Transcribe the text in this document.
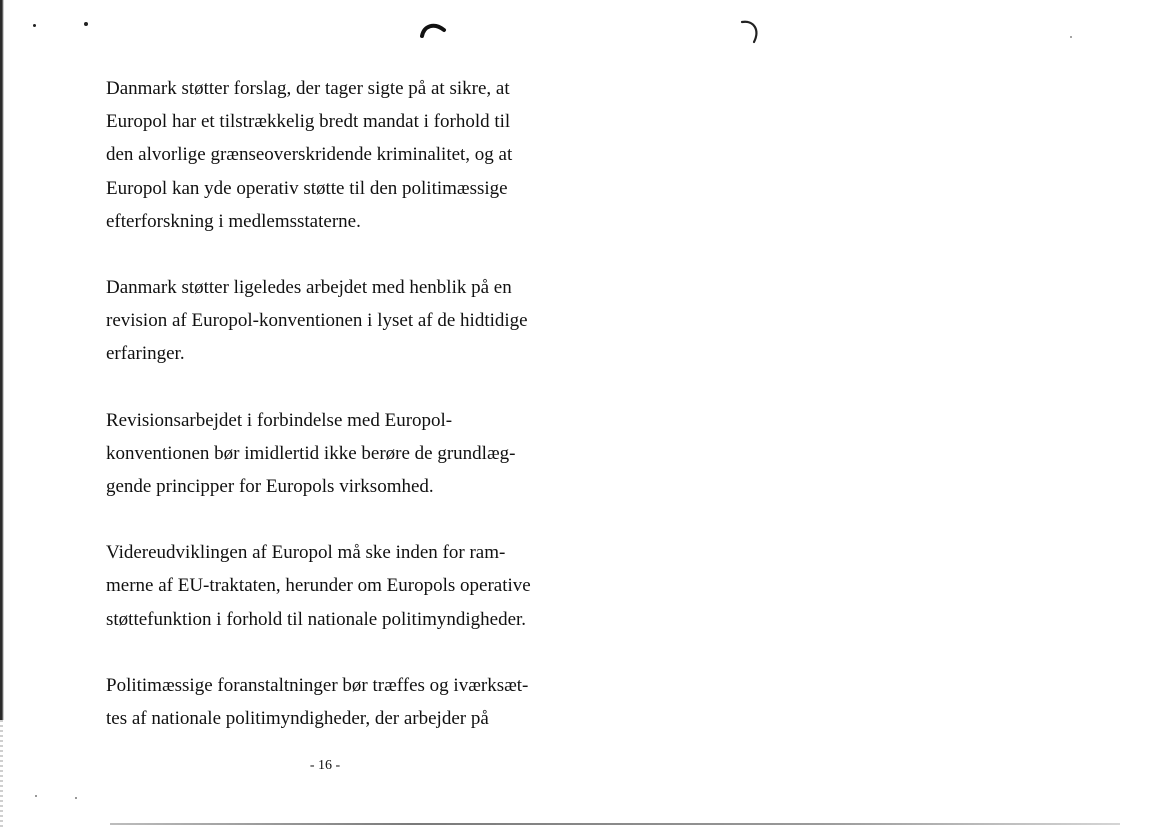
Danmark støtter forslag, der tager sigte på at sikre, at
Europol har et tilstrækkelig bredt mandat i forhold til
den alvorlige grænseoverskridende kriminalitet, og at
Europol kan yde operativ støtte til den politimæssige
efterforskning i medlemsstaterne.

Danmark støtter ligeledes arbejdet med henblik på en
revision af Europol-konventionen i lyset af de hidtidige
erfaringer.

Revisionsarbejdet i forbindelse med Europol-
konventionen bør imidlertid ikke berøre de grundlæg-
gende principper for Europols virksomhed.

Videreudviklingen af Europol må ske inden for ram-
merne af EU-traktaten, herunder om Europols operative
støttefunktion i forhold til nationale politimyndigheder.

Politimæssige foranstaltninger bør træffes og iværksæt-
tes af nationale politimyndigheder, der arbejder på

- 16 -
